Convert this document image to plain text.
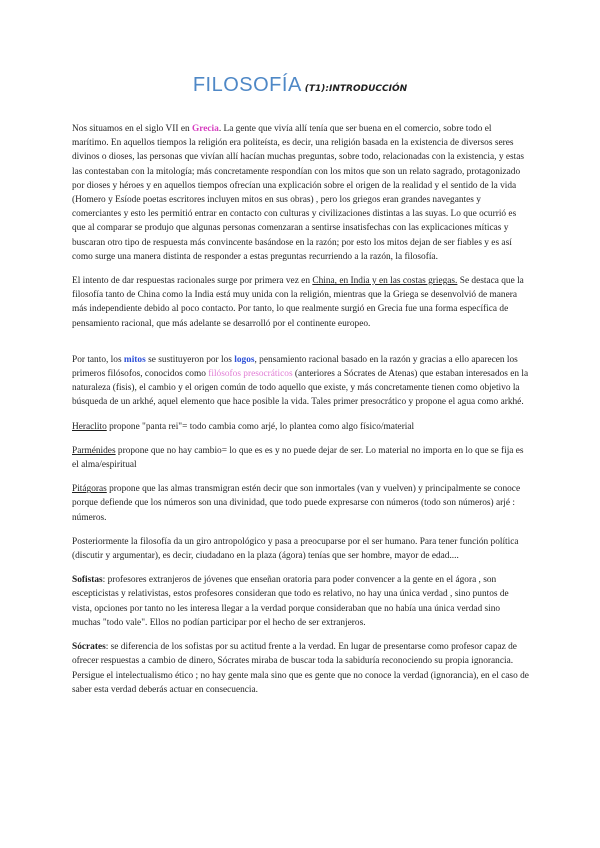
FILOSOFÍA (T1):INTRODUCCIÓN

Nos situamos en el siglo VII en Grecia. La gente que vivía allí tenía que ser buena en el comercio, sobre todo el marítimo. En aquellos tiempos la religión era politeísta, es decir, una religión basada en la existencia de diversos seres divinos o dioses, las personas que vivían allí hacían muchas preguntas, sobre todo, relacionadas con la existencia, y estas las contestaban con la mitología; más concretamente respondían con los mitos que son un relato sagrado, protagonizado por dioses y héroes y en aquellos tiempos ofrecían una explicación sobre el origen de la realidad y el sentido de la vida (Homero y Esíode poetas escritores incluyen mitos en sus obras) , pero los griegos eran grandes navegantes y comerciantes y esto les permitió entrar en contacto con culturas y civilizaciones distintas a las suyas. Lo que ocurrió es que al comparar se produjo que algunas personas comenzaran a sentirse insatisfechas con las explicaciones míticas y buscaran otro tipo de respuesta más convincente basándose en la razón; por esto los mitos dejan de ser fiables y es así como surge una manera distinta de responder a estas preguntas recurriendo a la razón, la filosofía.

El intento de dar respuestas racionales surge por primera vez en China, en India y en las costas griegas. Se destaca que la filosofía tanto de China como la India está muy unida con la religión, mientras que la Griega se desenvolvió de manera más independiente debido al poco contacto. Por tanto, lo que realmente surgió en Grecia fue una forma específica de pensamiento racional, que más adelante se desarrolló por el continente europeo.

Por tanto, los mitos se sustituyeron por los logos, pensamiento racional basado en la razón y gracias a ello aparecen los primeros filósofos, conocidos como filósofos presocráticos (anteriores a Sócrates de Atenas) que estaban interesados en la naturaleza (fisis), el cambio y el origen común de todo aquello que existe, y más concretamente tienen como objetivo la búsqueda de un arkhé, aquel elemento que hace posible la vida. Tales primer presocrático y propone el agua como arkhé.

Heraclito propone "panta rei"= todo cambia como arjé, lo plantea como algo físico/material

Parménides propone que no hay cambio= lo que es es y no puede dejar de ser. Lo material no importa en lo que se fija es el alma/espiritual

Pitágoras propone que las almas transmigran estén decir que son inmortales (van y vuelven) y principalmente se conoce porque defiende que los números son una divinidad, que todo puede expresarse con números (todo son números) arjé : números.

Posteriormente la filosofía da un giro antropológico y pasa a preocuparse por el ser humano. Para tener función política (discutir y argumentar), es decir, ciudadano en la plaza (ágora) tenías que ser hombre, mayor de edad....

Sofistas: profesores extranjeros de jóvenes que enseñan oratoria para poder convencer a la gente en el ágora , son escepticistas y relativistas, estos profesores consideran que todo es relativo, no hay una única verdad , sino puntos de vista, opciones por tanto no les interesa llegar a la verdad porque consideraban que no había una única verdad sino muchas "todo vale". Ellos no podían participar por el hecho de ser extranjeros.

Sócrates: se diferencia de los sofistas por su actitud frente a la verdad. En lugar de presentarse como profesor capaz de ofrecer respuestas a cambio de dinero, Sócrates miraba de buscar toda la sabiduría reconociendo su propia ignorancia. Persigue el intelectualismo ético ; no hay gente mala sino que es gente que no conoce la verdad (ignorancia), en el caso de saber esta verdad deberás actuar en consecuencia.
